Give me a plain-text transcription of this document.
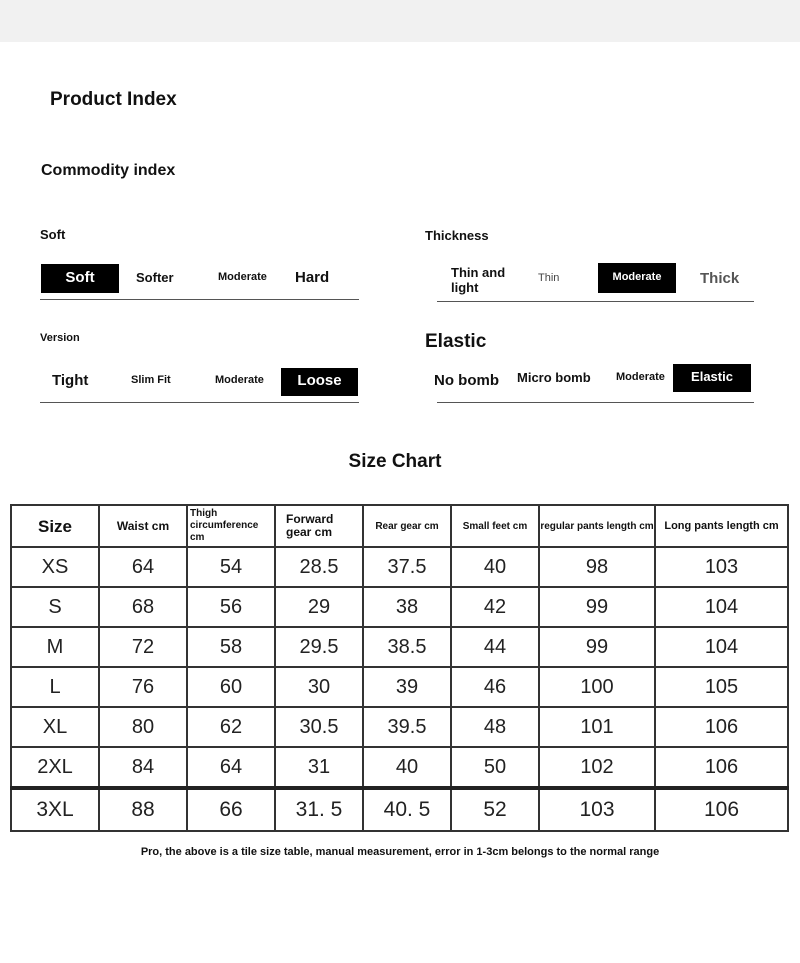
Product Index
Commodity index
Soft
Soft	Softer	Moderate Hard
Thickness
Thin and light
Thin	Moderate	Thick
Version
Tight	Slim Fit	Moderate	Loose
Elastic
No bomb Micro bomb Moderate	Elastic
Size Chart
Size	Waist cm	Thigh circumference cm	Forward gear cm	Rear gear cm	Small feet cm	regular pants length cm	Long pants length cm
XS	64	54	28.5	37.5	40	98	103
S	68	56	29	38	42	99	104
M	72	58	29.5	38.5	44	99	104
L	76	60	30	39	46	100	105
XL	80	62	30.5	39.5	48	101	106
2XL	84	64	31	40	50	102	106
3XL	88	66	31. 5	40. 5	52	103	106
Pro, the above is a tile size table, manual measurement, error in 1-3cm belongs to the normal range
